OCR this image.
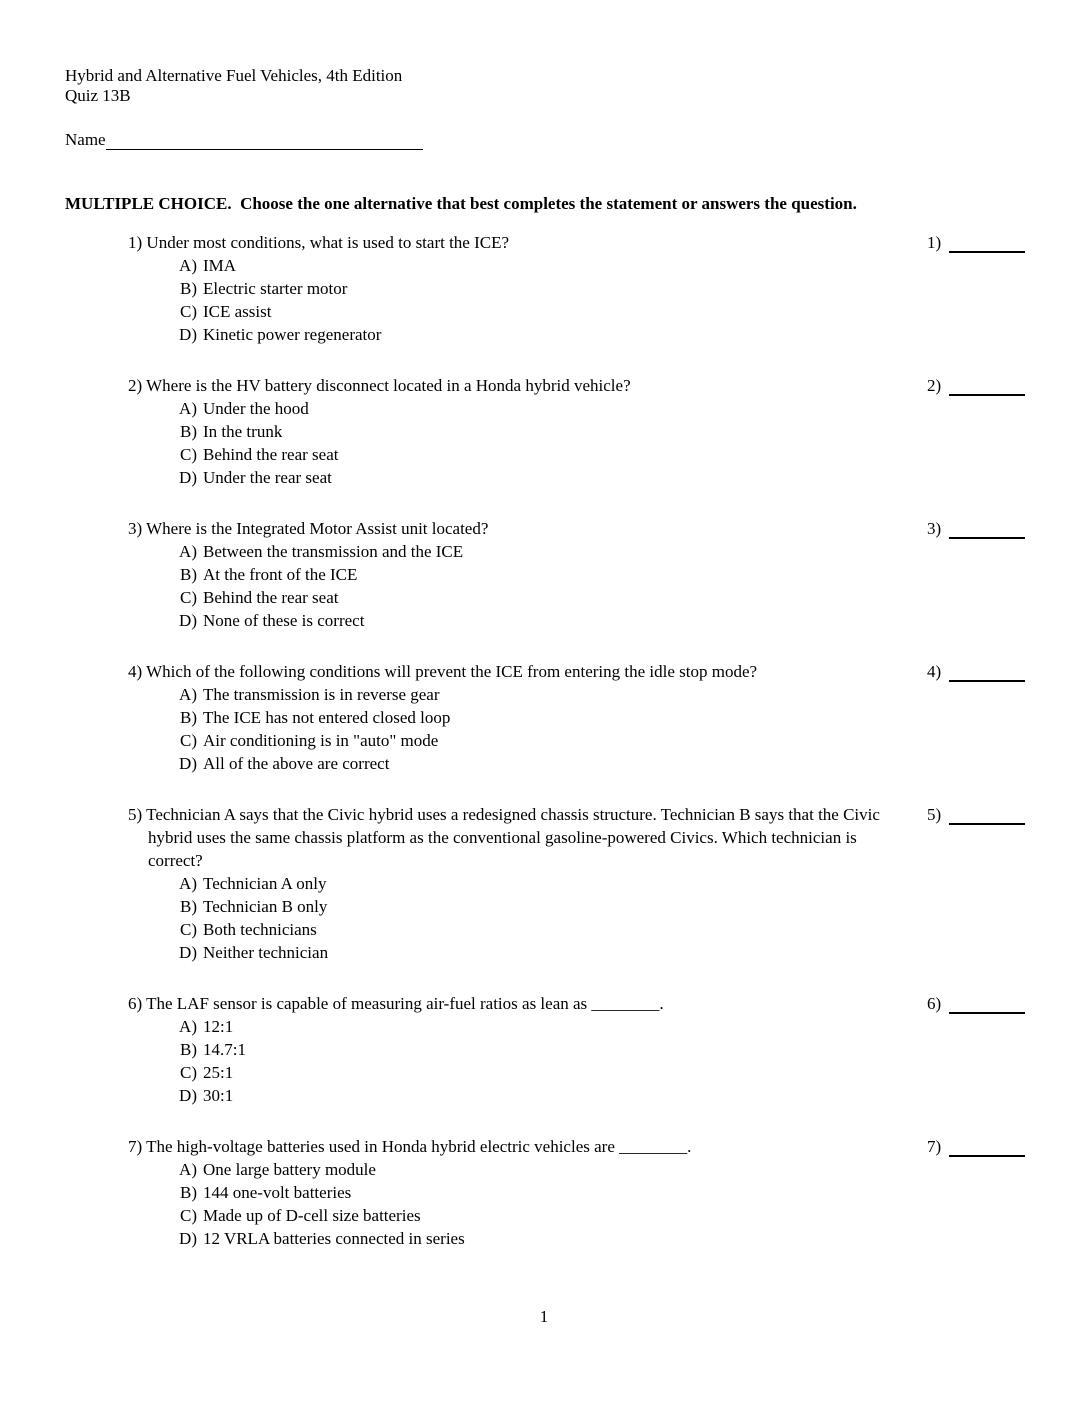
Hybrid and Alternative Fuel Vehicles, 4th Edition
Quiz 13B
Name
MULTIPLE CHOICE.  Choose the one alternative that best completes the statement or answers the question.
1) Under most conditions, what is used to start the ICE?	1)
A) IMA
B) Electric starter motor
C) ICE assist
D) Kinetic power regenerator
2) Where is the HV battery disconnect located in a Honda hybrid vehicle?	2)
A) Under the hood
B) In the trunk
C) Behind the rear seat
D) Under the rear seat
3) Where is the Integrated Motor Assist unit located?	3)
A) Between the transmission and the ICE
B) At the front of the ICE
C) Behind the rear seat
D) None of these is correct
4) Which of the following conditions will prevent the ICE from entering the idle stop mode?	4)
A) The transmission is in reverse gear
B) The ICE has not entered closed loop
C) Air conditioning is in "auto" mode
D) All of the above are correct
5) Technician A says that the Civic hybrid uses a redesigned chassis structure. Technician B says that the Civic hybrid uses the same chassis platform as the conventional gasoline-powered Civics. Which technician is correct?
5)
A) Technician A only
B) Technician B only
C) Both technicians
D) Neither technician
6) The LAF sensor is capable of measuring air-fuel ratios as lean as ________.	6)
A) 12:1
B) 14.7:1
C) 25:1
D) 30:1
7) The high-voltage batteries used in Honda hybrid electric vehicles are ________.	7)
A) One large battery module
B) 144 one-volt batteries
C) Made up of D-cell size batteries
D) 12 VRLA batteries connected in series
1
